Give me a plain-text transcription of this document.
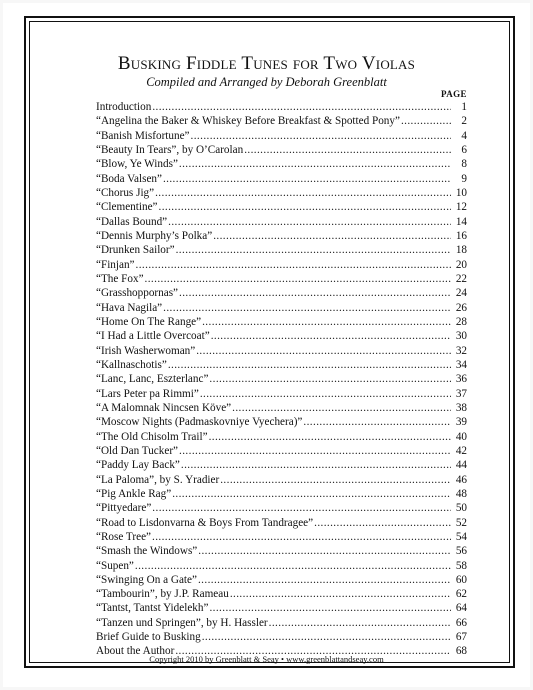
Busking Fiddle Tunes for Two Violas
Compiled and Arranged by Deborah Greenblatt
PAGE
Introduction .....	1
“Angelina the Baker & Whiskey Before Breakfast & Spotted Pony” .....	2
“Banish Misfortune” .....	4
“Beauty In Tears”, by O’Carolan .....	6
“Blow, Ye Winds” .....	8
“Boda Valsen” .....	9
“Chorus Jig” .....	10
“Clementine” .....	12
“Dallas Bound” .....	14
“Dennis Murphy’s Polka” .....	16
“Drunken Sailor” .....	18
“Finjan” .....	20
“The Fox” .....	22
“Grasshoppornas” .....	24
“Hava Nagila” .....	26
“Home On The Range” .....	28
“I Had a Little Overcoat” .....	30
“Irish Washerwoman” .....	32
“Kallnaschotis” .....	34
“Lanc, Lanc, Eszterlanc” .....	36
“Lars Peter pa Rimmi” .....	37
“A Malomnak Nincsen Köve” .....	38
“Moscow Nights (Padmaskovniye Vyechera)” .....	39
“The Old Chisolm Trail” .....	40
“Old Dan Tucker” .....	42
“Paddy Lay Back” .....	44
“La Paloma”, by S. Yradier .....	46
“Pig Ankle Rag” .....	48
“Pittyedare” .....	50
“Road to Lisdonvarna & Boys From Tandragee” .....	52
“Rose Tree” .....	54
“Smash the Windows” .....	56
“Supen” .....	58
“Swinging On a Gate” .....	60
“Tambourin”, by J.P. Rameau .....	62
“Tantst, Tantst Yidelekh” .....	64
“Tanzen und Springen”, by H. Hassler .....	66
Brief Guide to Busking .....	67
About the Author .....	68
Copyright 2010 by Greenblatt & Seay • www.greenblattandseay.com
